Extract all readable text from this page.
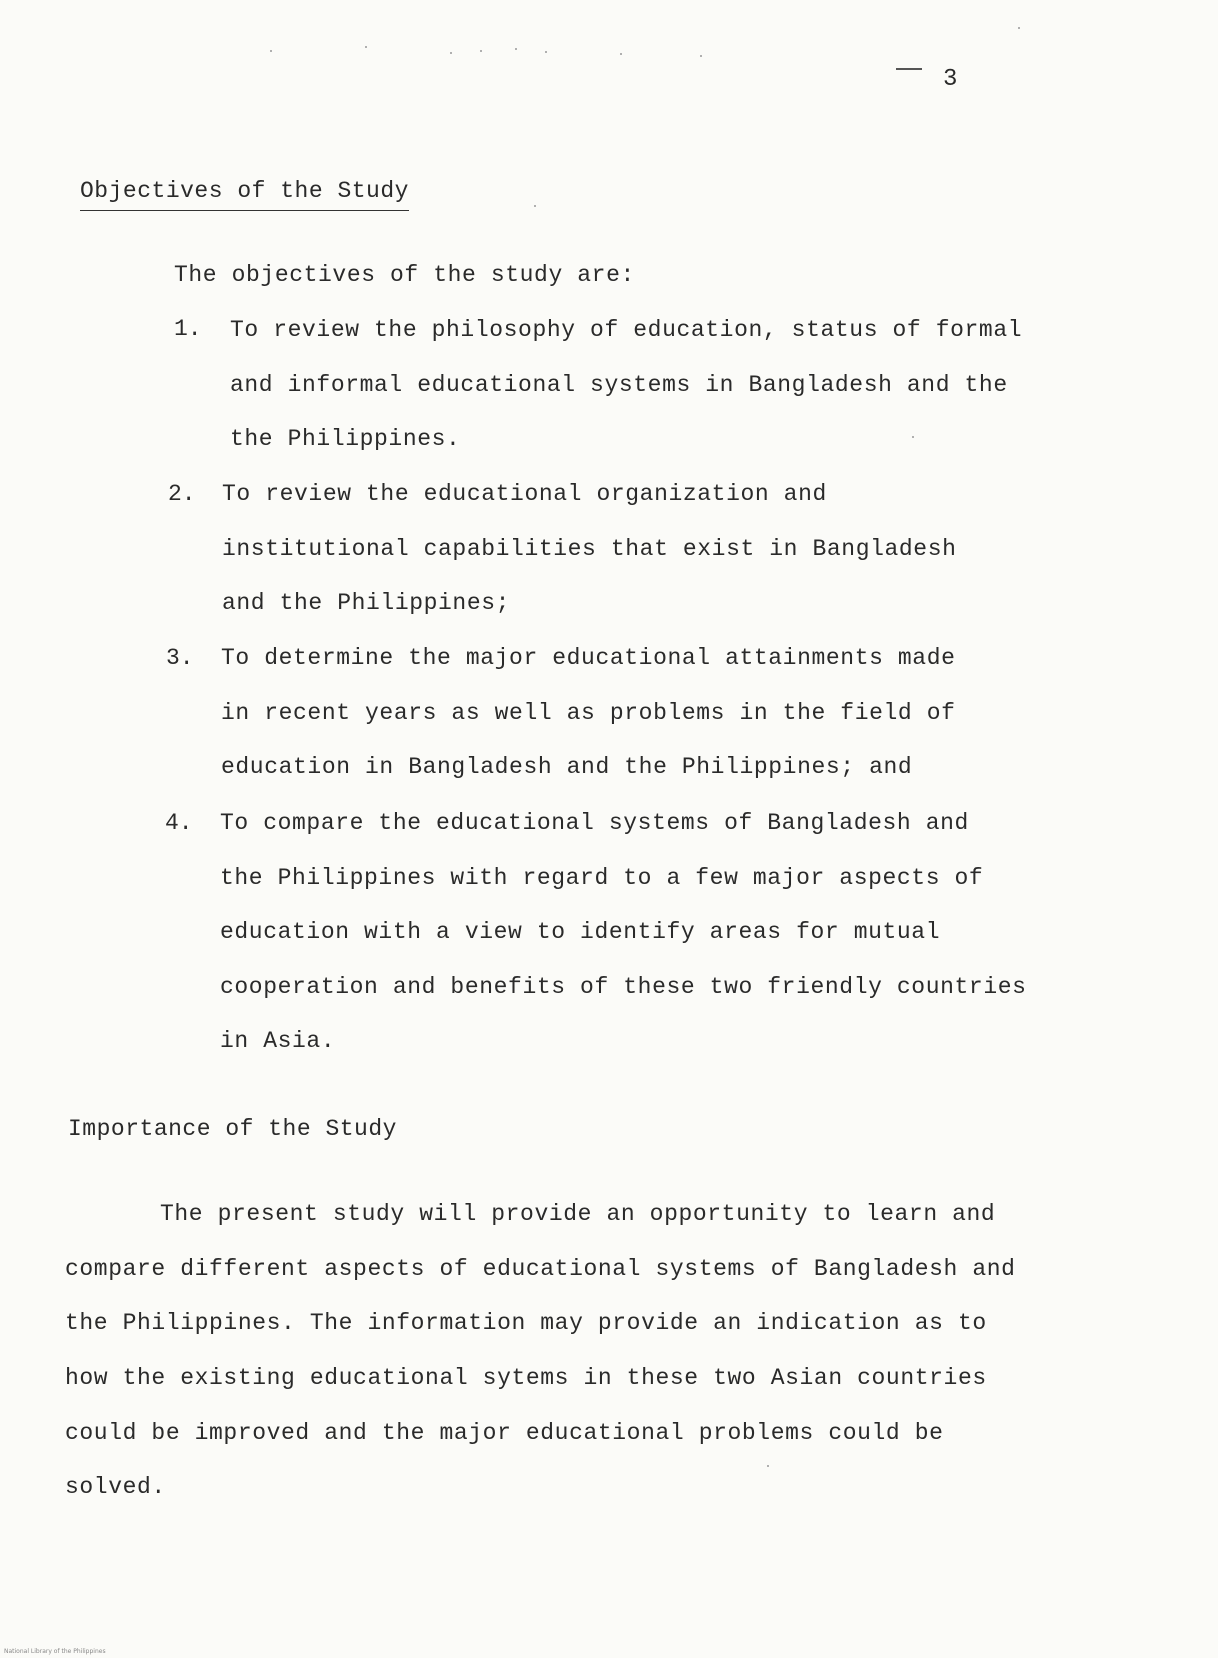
3
Objectives of the Study
The objectives of the study are:
1. To review the philosophy of education, status of formal
and informal educational systems in Bangladesh and the
the Philippines.
2. To review the educational organization and
institutional capabilities that exist in Bangladesh
and the Philippines;
3. To determine the major educational attainments made
in recent years as well as problems in the field of
education in Bangladesh and the Philippines; and
4. To compare the educational systems of Bangladesh and
the Philippines with regard to a few major aspects of
education with a view to identify areas for mutual
cooperation and benefits of these two friendly countries
in Asia.
Importance of the Study
The present study will provide an opportunity to learn and
compare different aspects of educational systems of Bangladesh and
the Philippines. The information may provide an indication as to
how the existing educational sytems in these two Asian countries
could be improved and the major educational problems could be
solved.
National Library of the Philippines
